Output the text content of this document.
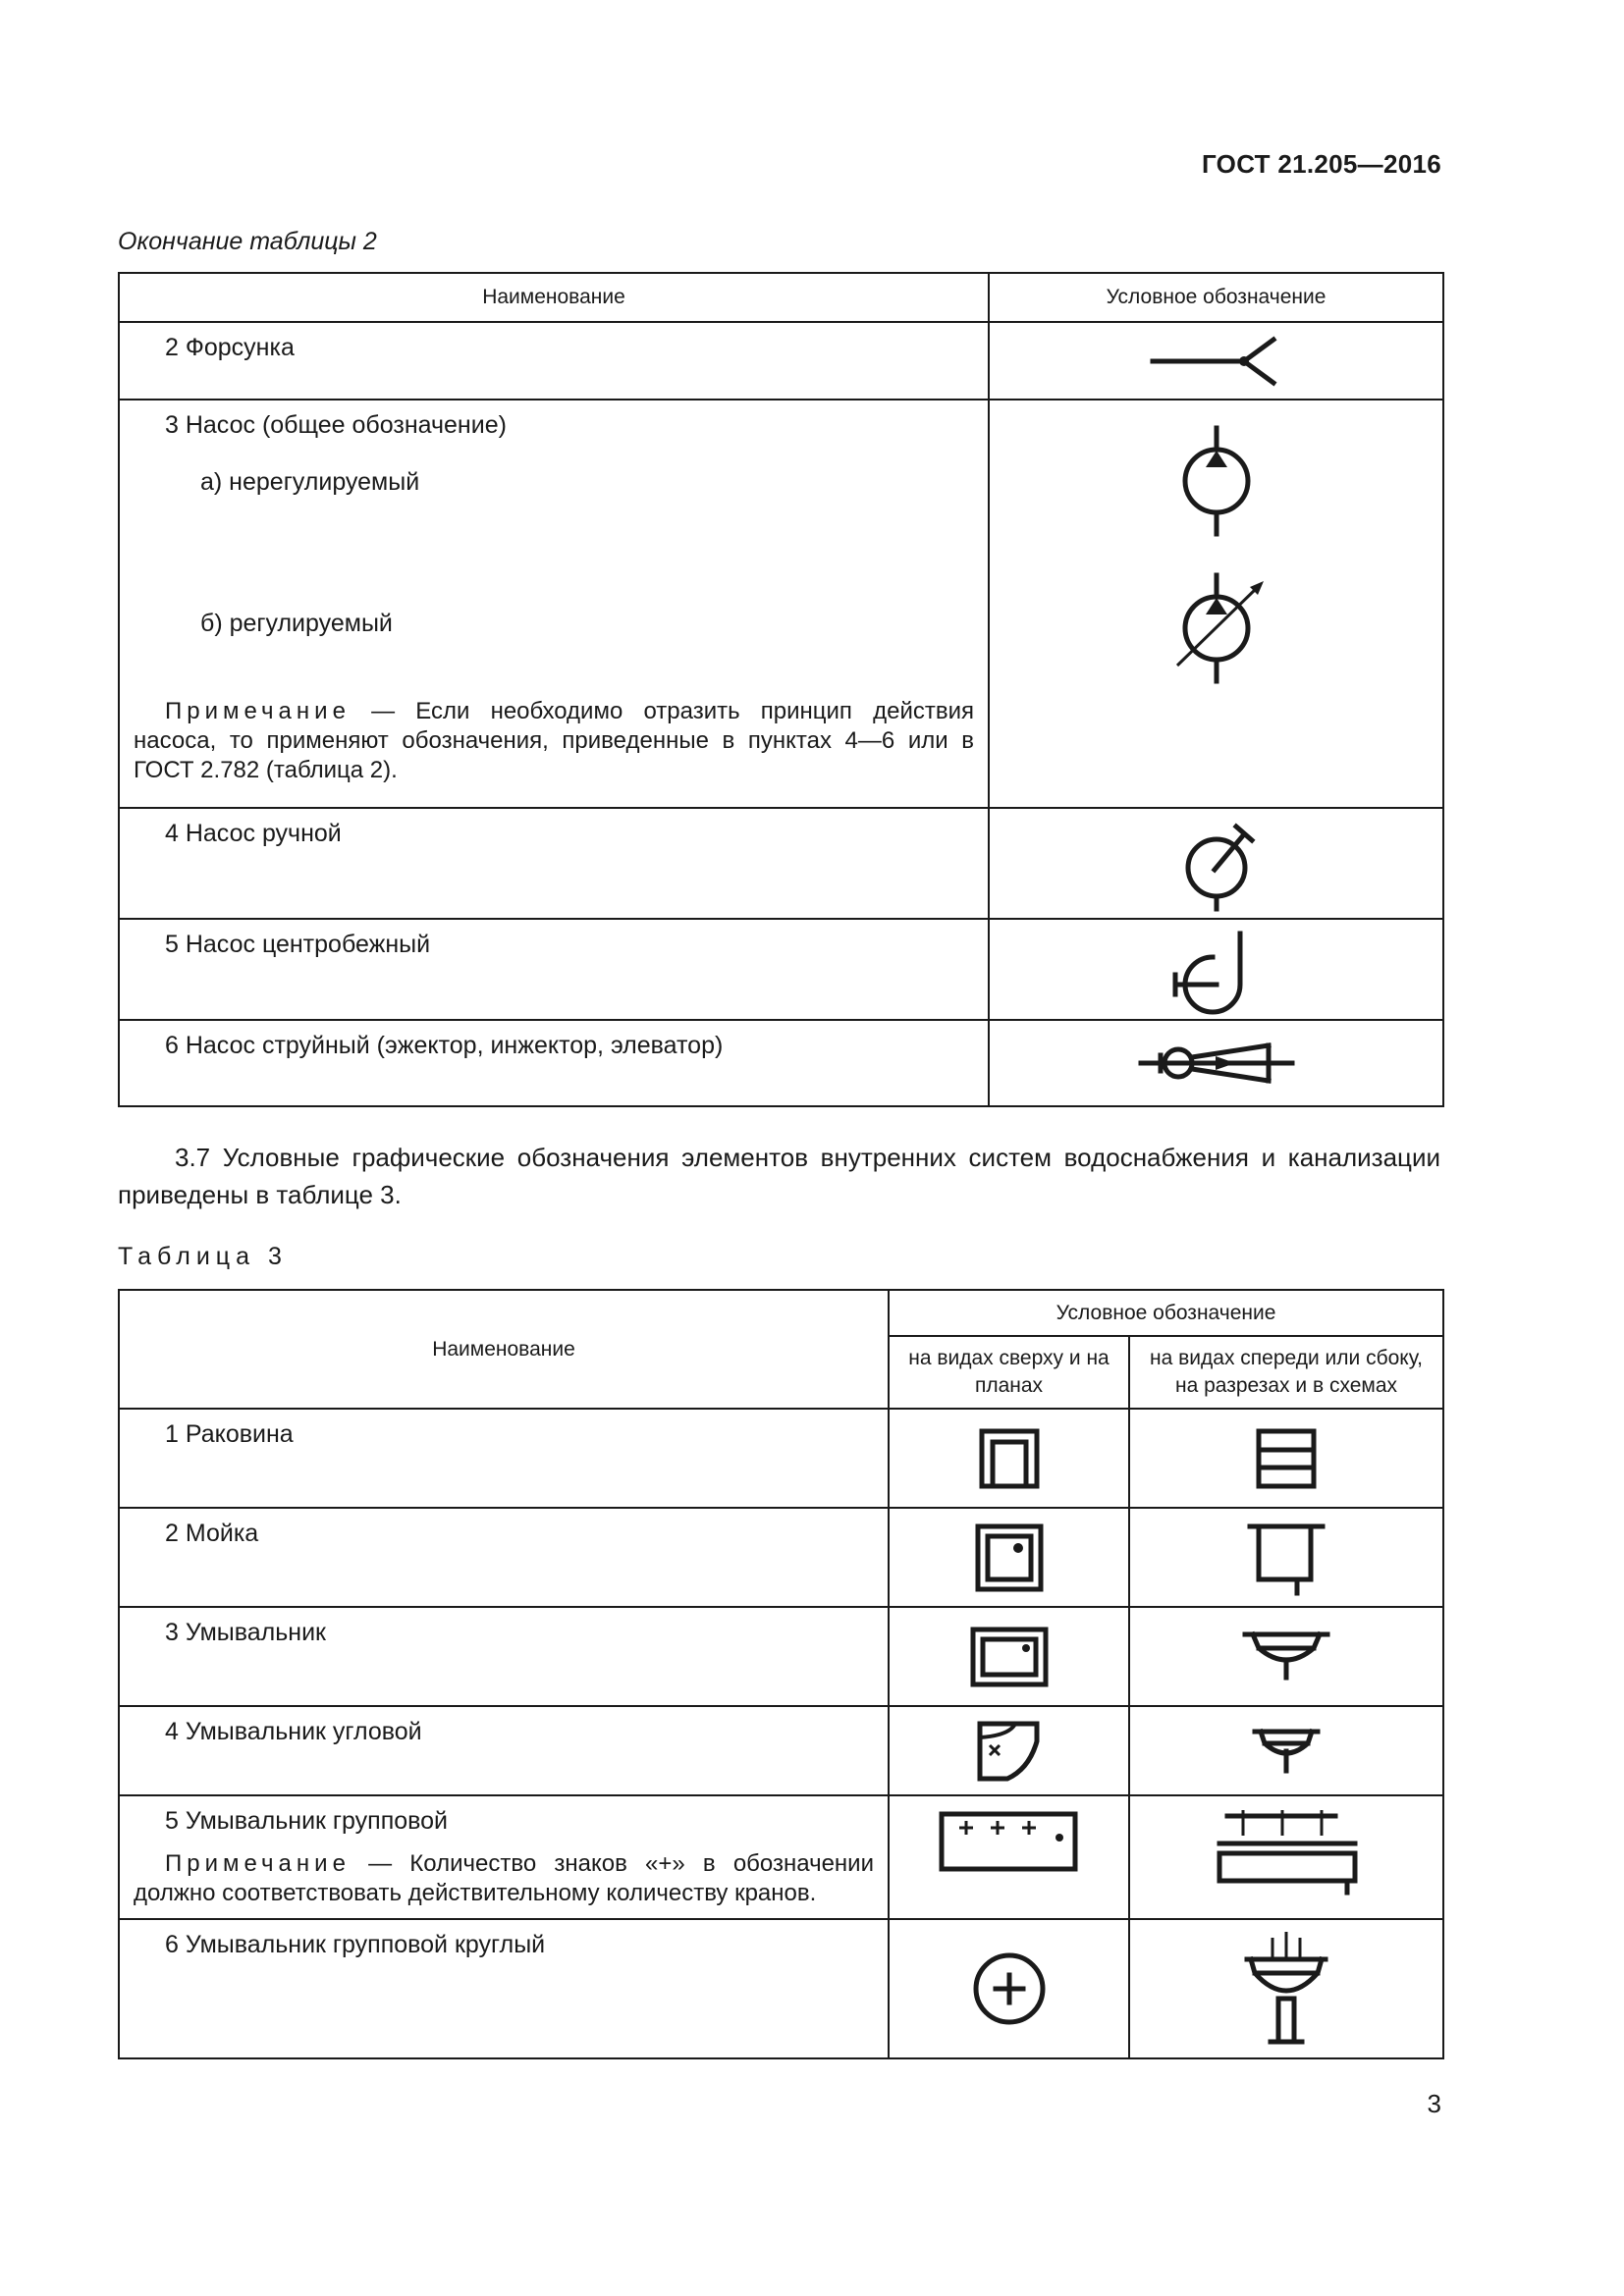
ГОСТ 21.205—2016
Окончание таблицы 2
Наименование	Условное обозначение

2 Форсунка

3 Насос (общее обозначение)
а) нерегулируемый
б) регулируемый
Примечание — Если необходимо отразить принцип действия насоса, то применяют обозначения, приведенные в пунктах 4—6 или в ГОСТ 2.782 (таблица 2).

4 Насос ручной

5 Насос центробежный

6 Насос струйный (эжектор, инжектор, элеватор)

3.7 Условные графические обозначения элементов внутренних систем водоснабжения и канализации приведены в таблице 3.
Таблица 3
Наименование	Условное обозначение	
	на видах сверху и на планах	на видах спереди или сбоку, на разрезах и в схемах

1 Раковина

2 Мойка

3 Умывальник

4 Умывальник угловой

5 Умывальник групповой
Примечание — Количество знаков «+» в обозначении должно соответствовать действительному количеству кранов.

6 Умывальник групповой круглый

3
